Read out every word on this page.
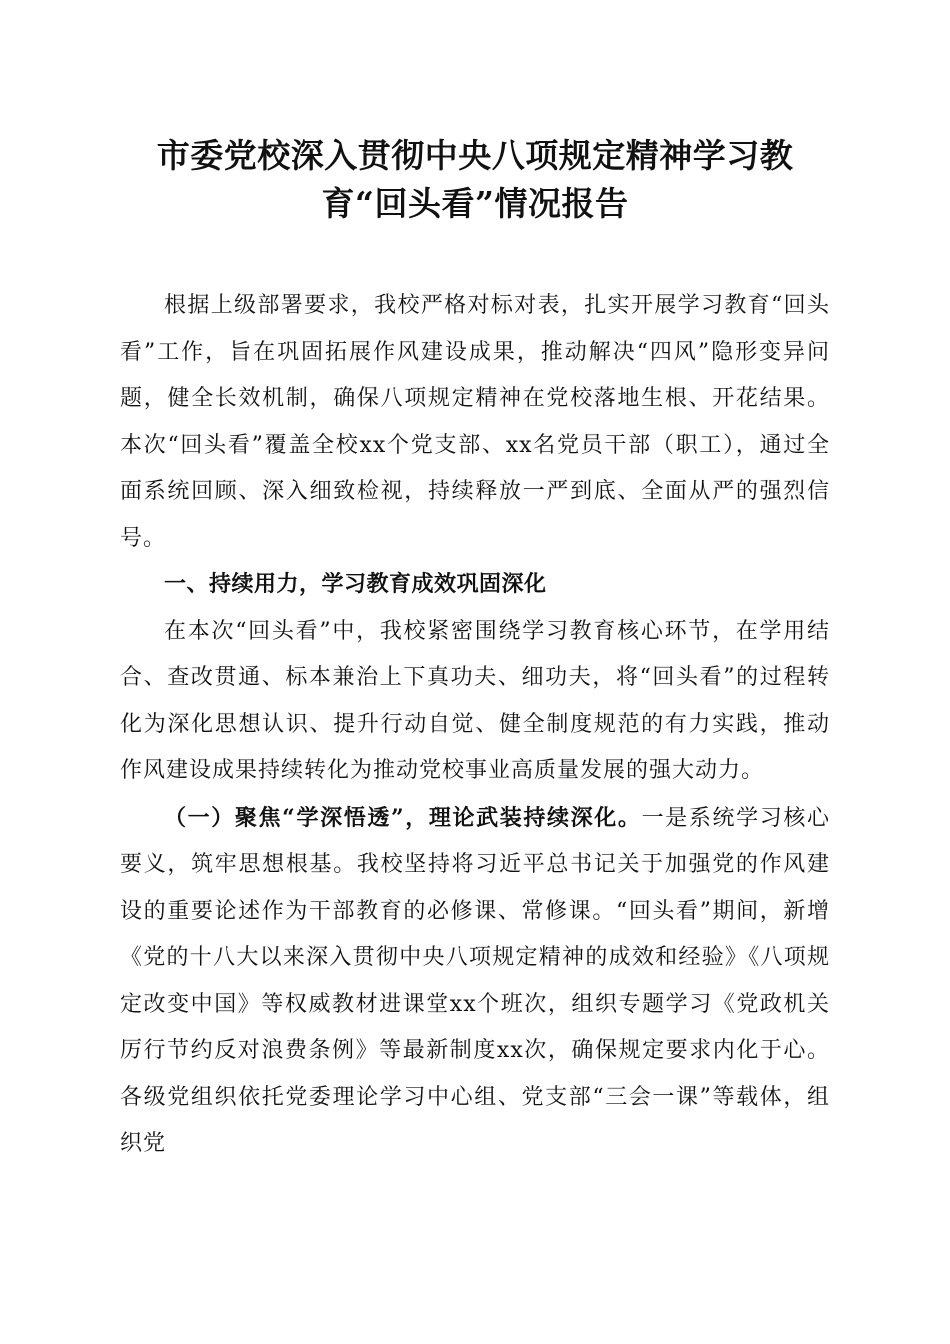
市委党校深入贯彻中央八项规定精神学习教育“回头看”情况报告

根据上级部署要求，我校严格对标对表，扎实开展学习教育“回头看”工作，旨在巩固拓展作风建设成果，推动解决“四风”隐形变异问题，健全长效机制，确保八项规定精神在党校落地生根、开花结果。本次“回头看”覆盖全校xx个党支部、xx名党员干部（职工），通过全面系统回顾、深入细致检视，持续释放一严到底、全面从严的强烈信号。

一、持续用力，学习教育成效巩固深化

在本次“回头看”中，我校紧密围绕学习教育核心环节，在学用结合、查改贯通、标本兼治上下真功夫、细功夫，将“回头看”的过程转化为深化思想认识、提升行动自觉、健全制度规范的有力实践，推动作风建设成果持续转化为推动党校事业高质量发展的强大动力。

（一）聚焦“学深悟透”，理论武装持续深化。一是系统学习核心要义，筑牢思想根基。我校坚持将习近平总书记关于加强党的作风建设的重要论述作为干部教育的必修课、常修课。“回头看”期间，新增《党的十八大以来深入贯彻中央八项规定精神的成效和经验》《八项规定改变中国》等权威教材进课堂xx个班次，组织专题学习《党政机关厉行节约反对浪费条例》等最新制度xx次，确保规定要求内化于心。各级党组织依托党委理论学习中心组、党支部“三会一课”等载体，组织党
